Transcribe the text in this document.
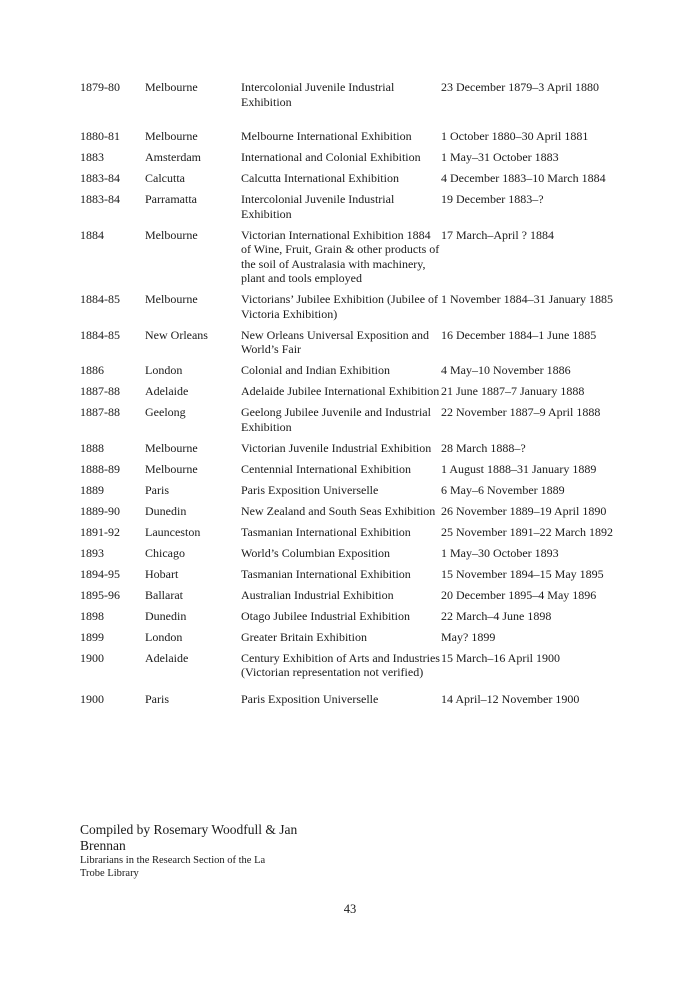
1879-80	Melbourne	Intercolonial Juvenile Industrial Exhibition	23 December 1879–3 April 1880
1880-81	Melbourne	Melbourne International Exhibition	1 October 1880–30 April 1881
1883	Amsterdam	International and Colonial Exhibition	1 May–31 October 1883
1883-84	Calcutta	Calcutta International Exhibition	4 December 1883–10 March 1884
1883-84	Parramatta	Intercolonial Juvenile Industrial Exhibition	19 December 1883–?
1884	Melbourne	Victorian International Exhibition 1884 of Wine, Fruit, Grain & other products of the soil of Australasia with machinery, plant and tools employed	17 March–April ? 1884
1884-85	Melbourne	Victorians’ Jubilee Exhibition (Jubilee of Victoria Exhibition)	1 November 1884–31 January 1885
1884-85	New Orleans	New Orleans Universal Exposition and World’s Fair	16 December 1884–1 June 1885
1886	London	Colonial and Indian Exhibition	4 May–10 November 1886
1887-88	Adelaide	Adelaide Jubilee International Exhibition	21 June 1887–7 January 1888
1887-88	Geelong	Geelong Jubilee Juvenile and Industrial Exhibition	22 November 1887–9 April 1888
1888	Melbourne	Victorian Juvenile Industrial Exhibition	28 March 1888–?
1888-89	Melbourne	Centennial International Exhibition	1 August 1888–31 January 1889
1889	Paris	Paris Exposition Universelle	6 May–6 November 1889
1889-90	Dunedin	New Zealand and South Seas Exhibition	26 November 1889–19 April 1890
1891-92	Launceston	Tasmanian International Exhibition	25 November 1891–22 March 1892
1893	Chicago	World’s Columbian Exposition	1 May–30 October 1893
1894-95	Hobart	Tasmanian International Exhibition	15 November 1894–15 May 1895
1895-96	Ballarat	Australian Industrial Exhibition	20 December 1895–4 May 1896
1898	Dunedin	Otago Jubilee Industrial Exhibition	22 March–4 June 1898
1899	London	Greater Britain Exhibition	May? 1899
1900	Adelaide	Century Exhibition of Arts and Industries (Victorian representation not verified)	15 March–16 April 1900
1900	Paris	Paris Exposition Universelle	14 April–12 November 1900
Compiled by Rosemary Woodfull & Jan Brennan
Librarians in the Research Section of the La Trobe Library
43
